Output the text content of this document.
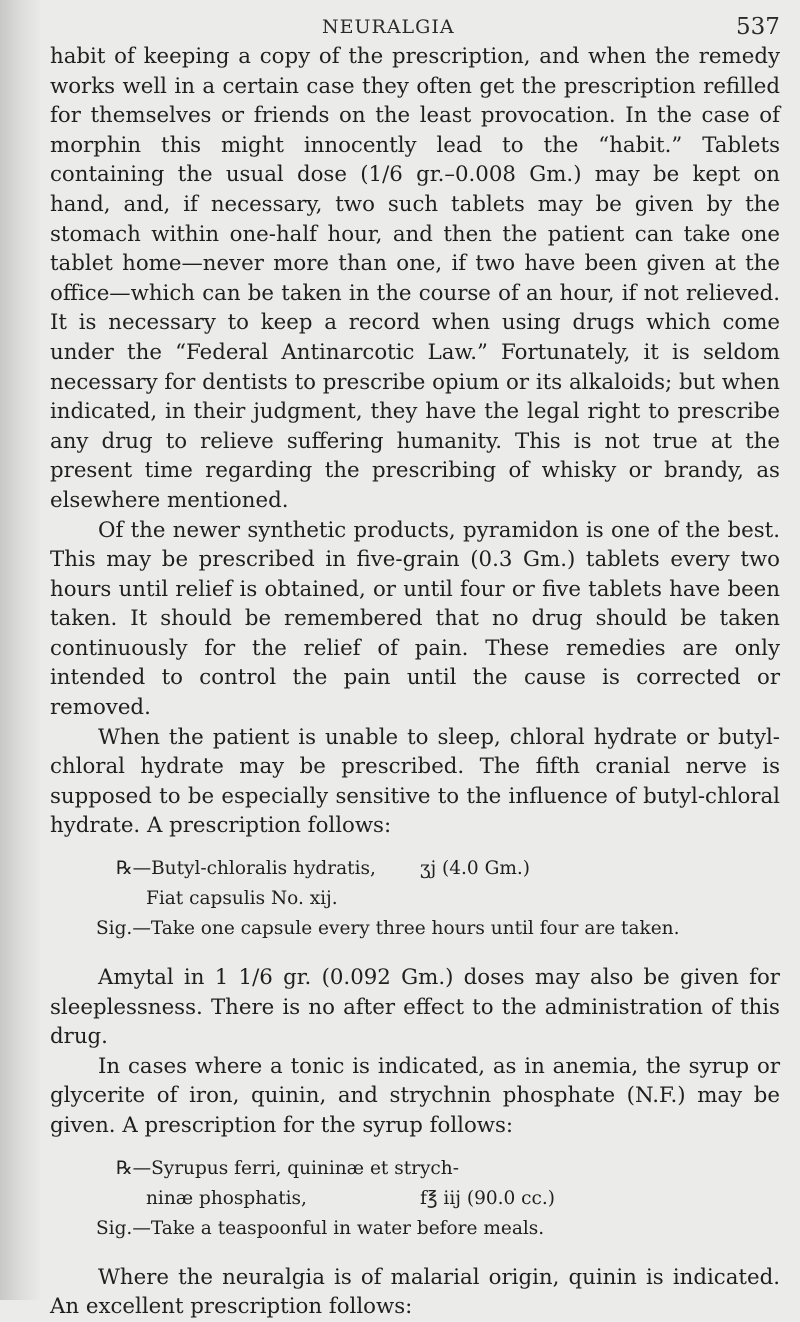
NEURALGIA	537

habit of keeping a copy of the prescription, and when the remedy works well in a certain case they often get the prescription refilled for themselves or friends on the least provocation. In the case of morphin this might innocently lead to the “habit.” Tablets containing the usual dose (1/6 gr.–0.008 Gm.) may be kept on hand, and, if necessary, two such tablets may be given by the stomach within one-half hour, and then the patient can take one tablet home—never more than one, if two have been given at the office—which can be taken in the course of an hour, if not relieved. It is necessary to keep a record when using drugs which come under the “Federal Antinarcotic Law.” Fortunately, it is seldom necessary for dentists to prescribe opium or its alkaloids; but when indicated, in their judgment, they have the legal right to prescribe any drug to relieve suffering humanity. This is not true at the present time regarding the prescribing of whisky or brandy, as elsewhere mentioned.

Of the newer synthetic products, pyramidon is one of the best. This may be prescribed in five-grain (0.3 Gm.) tablets every two hours until relief is obtained, or until four or five tablets have been taken. It should be remembered that no drug should be taken continuously for the relief of pain. These remedies are only intended to control the pain until the cause is corrected or removed.

When the patient is unable to sleep, chloral hydrate or butyl-chloral hydrate may be prescribed. The fifth cranial nerve is supposed to be especially sensitive to the influence of butyl-chloral hydrate. A prescription follows:

℞—Butyl-chloralis hydratis, ʒj (4.0 Gm.)
Fiat capsulis No. xij.
Sig.—Take one capsule every three hours until four are taken.

Amytal in 1 1/6 gr. (0.092 Gm.) doses may also be given for sleeplessness. There is no after effect to the administration of this drug.

In cases where a tonic is indicated, as in anemia, the syrup or glycerite of iron, quinin, and strychnin phosphate (N.F.) may be given. A prescription for the syrup follows:

℞—Syrupus ferri, quininæ et strych-
ninæ phosphatis,	f℥ iij (90.0 cc.)
Sig.—Take a teaspoonful in water before meals.

Where the neuralgia is of malarial origin, quinin is indicated. An excellent prescription follows:
